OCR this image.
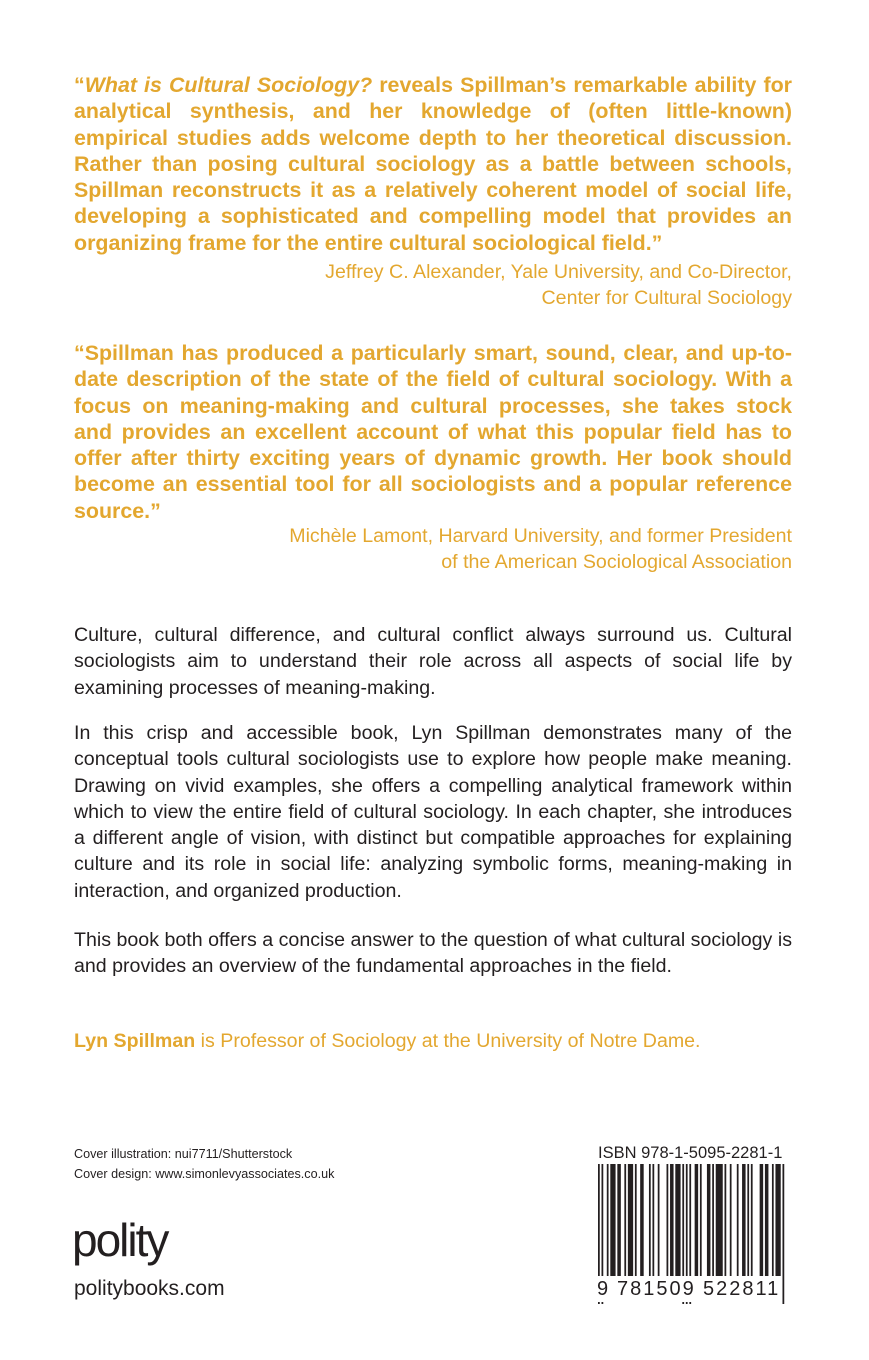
“What is Cultural Sociology? reveals Spillman’s remarkable ability for analytical synthesis, and her knowledge of (often little-known) empirical studies adds welcome depth to her theoretical discussion. Rather than posing cultural sociology as a battle between schools, Spillman reconstructs it as a relatively coherent model of social life, developing a sophisticated and compelling model that provides an organizing frame for the entire cultural sociological field.”

Jeffrey C. Alexander, Yale University, and Co-Director,
Center for Cultural Sociology

“Spillman has produced a particularly smart, sound, clear, and up-to-date description of the state of the field of cultural sociology. With a focus on meaning-making and cultural processes, she takes stock and provides an excellent account of what this popular field has to offer after thirty exciting years of dynamic growth. Her book should become an essential tool for all sociologists and a popular reference source.”

Michèle Lamont, Harvard University, and former President
of the American Sociological Association

Culture, cultural difference, and cultural conflict always surround us. Cultural sociologists aim to understand their role across all aspects of social life by examining processes of meaning-making.

In this crisp and accessible book, Lyn Spillman demonstrates many of the conceptual tools cultural sociologists use to explore how people make meaning. Drawing on vivid examples, she offers a compelling analytical framework within which to view the entire field of cultural sociology. In each chapter, she introduces a different angle of vision, with distinct but compatible approaches for explaining culture and its role in social life: analyzing symbolic forms, meaning-making in interaction, and organized production.

This book both offers a concise answer to the question of what cultural sociology is and provides an overview of the fundamental approaches in the field.

Lyn Spillman is Professor of Sociology at the University of Notre Dame.

Cover illustration: nui7711/Shutterstock
Cover design: www.simonlevyassociates.co.uk
polity
politybooks.com
ISBN 978-1-5095-2281-1
9 781509 522811
